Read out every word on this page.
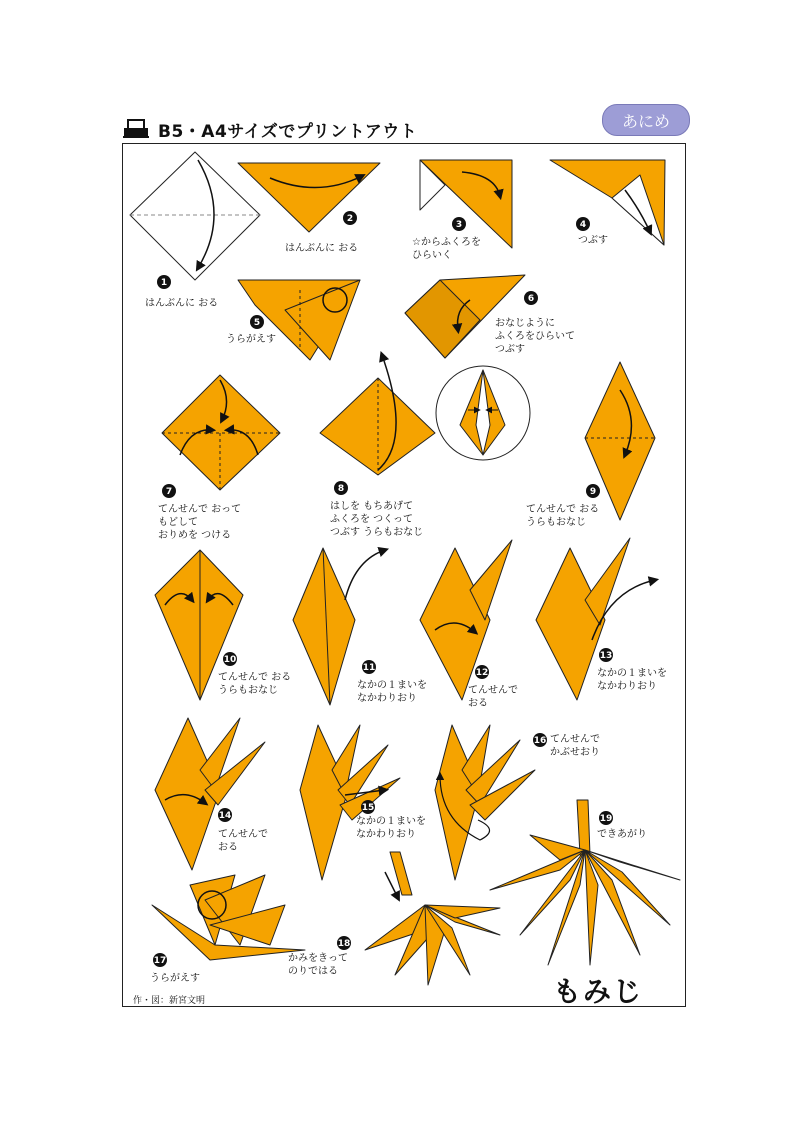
B5・A4サイズでプリントアウト
あにめ
1
2
3	4
5
6
7	8	9
10
11	12
13
14
15
16
17
18
19
はんぶんに おる
はんぶんに おる
☆からふくろを
ひらいく
つぶす
うらがえす
おなじように
ふくろをひらいて
つぶす
てんせんで おって
もどして
おりめを つける
はしを もちあげて
ふくろを つくって
つぶす うらもおなじ
てんせんで おる
うらもおなじ
てんせんで おる
うらもおなじ	なかの１まいを
なかわりおり
てんせんで
おる
なかの１まいを
なかわりおり
てんせんで
おる
なかの１まいを
なかわりおり
てんせんで
かぶせおり
うらがえす
かみをきって
のりではる
できあがり
作・図：新宮文明	もみじ
